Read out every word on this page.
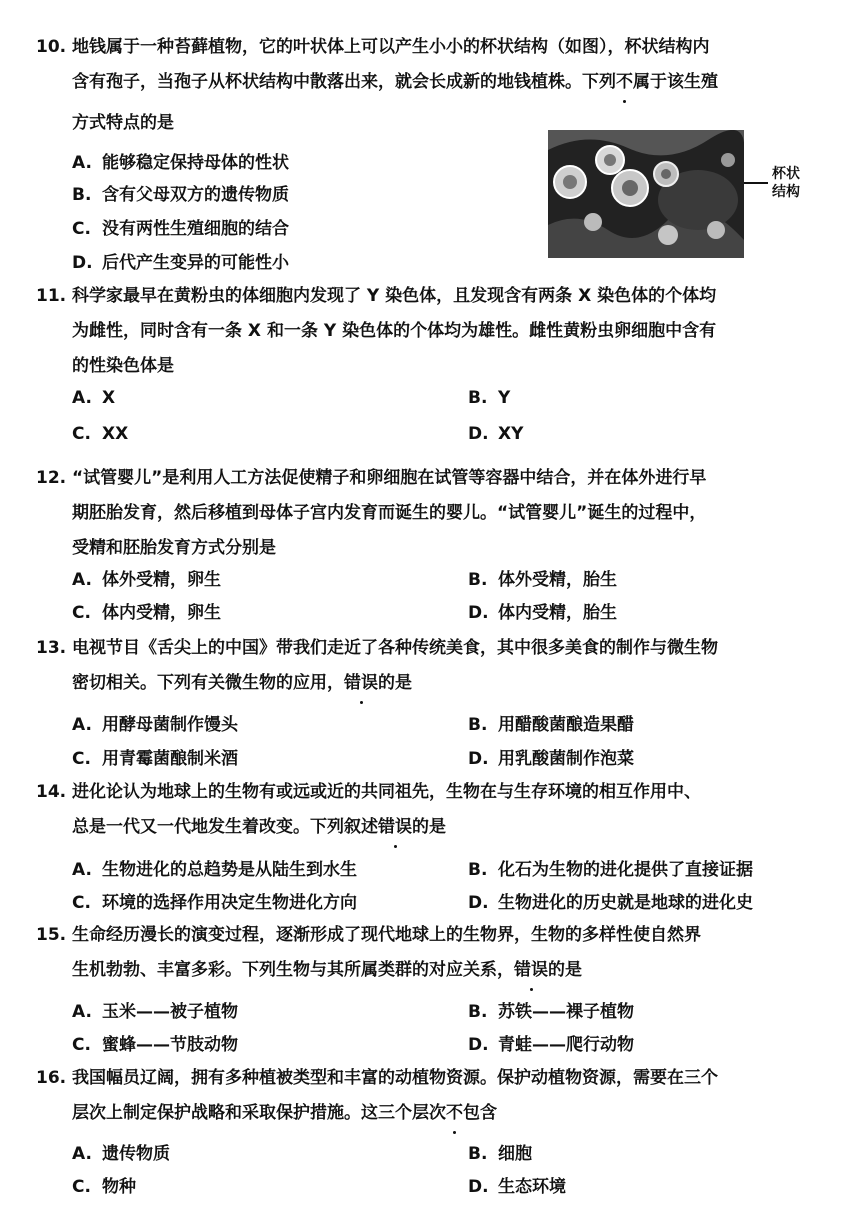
10. 地钱属于一种苔藓植物，它的叶状体上可以产生小小的杯状结构（如图），杯状结构内
含有孢子，当孢子从杯状结构中散落出来，就会长成新的地钱植株。下列不属于该生殖
方式特点的是
A. 能够稳定保持母体的性状
B. 含有父母双方的遗传物质
C. 没有两性生殖细胞的结合
D. 后代产生变异的可能性小
杯状结构
11. 科学家最早在黄粉虫的体细胞内发现了 Y 染色体，且发现含有两条 X 染色体的个体均
为雌性，同时含有一条 X 和一条 Y 染色体的个体均为雄性。雌性黄粉虫卵细胞中含有
的性染色体是
A. X	B. Y
C. XX	D. XY
12. “试管婴儿”是利用人工方法促使精子和卵细胞在试管等容器中结合，并在体外进行早
期胚胎发育，然后移植到母体子宫内发育而诞生的婴儿。“试管婴儿”诞生的过程中，
受精和胚胎发育方式分别是
A. 体外受精，卵生	B. 体外受精，胎生
C. 体内受精，卵生	D. 体内受精，胎生
13. 电视节目《舌尖上的中国》带我们走近了各种传统美食，其中很多美食的制作与微生物
密切相关。下列有关微生物的应用，错误的是
A. 用酵母菌制作馒头	B. 用醋酸菌酿造果醋
C. 用青霉菌酿制米酒	D. 用乳酸菌制作泡菜
14. 进化论认为地球上的生物有或远或近的共同祖先，生物在与生存环境的相互作用中、
总是一代又一代地发生着改变。下列叙述错误的是
A. 生物进化的总趋势是从陆生到水生	B. 化石为生物的进化提供了直接证据
C. 环境的选择作用决定生物进化方向	D. 生物进化的历史就是地球的进化史
15. 生命经历漫长的演变过程，逐渐形成了现代地球上的生物界，生物的多样性使自然界
生机勃勃、丰富多彩。下列生物与其所属类群的对应关系，错误的是
A. 玉米——被子植物	B. 苏铁——裸子植物
C. 蜜蜂——节肢动物	D. 青蛙——爬行动物
16. 我国幅员辽阔，拥有多种植被类型和丰富的动植物资源。保护动植物资源，需要在三个
层次上制定保护战略和采取保护措施。这三个层次不包含
A. 遗传物质	B. 细胞
C. 物种	D. 生态环境
